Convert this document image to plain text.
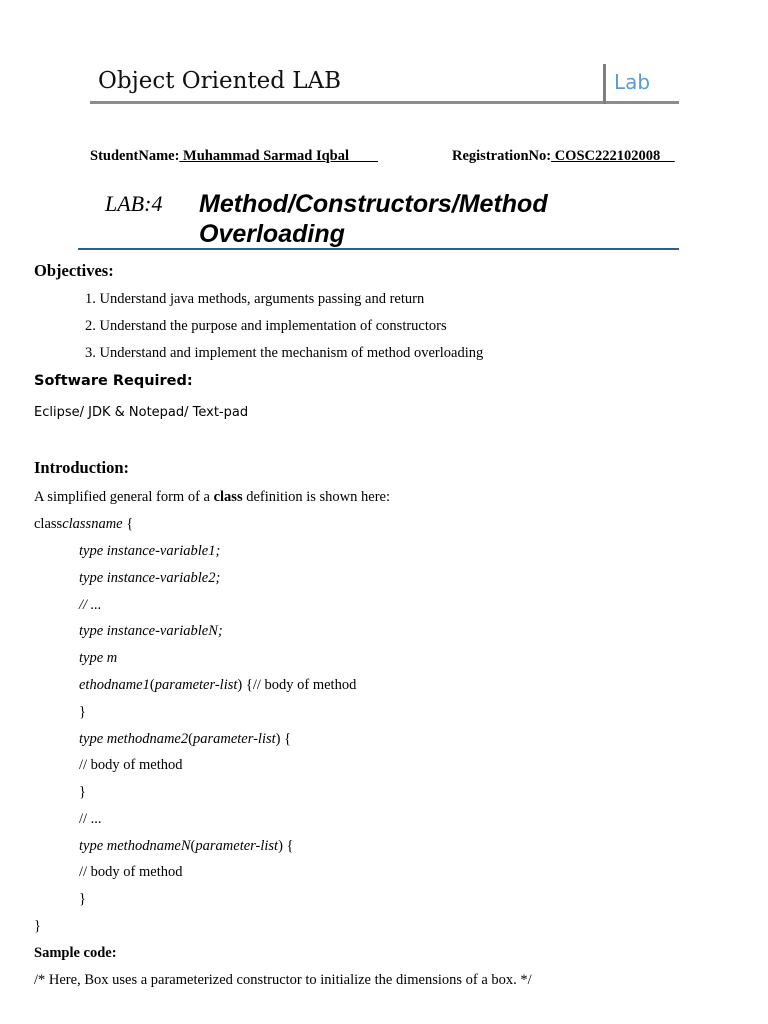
Object Oriented LAB	Lab
StudentName: Muhammad Sarmad Iqbal	RegistrationNo: COSC222102008
LAB:4 Method/Constructors/Method Overloading
Objectives:
1. Understand java methods, arguments passing and return
2. Understand the purpose and implementation of constructors
3. Understand and implement the mechanism of method overloading
Software Required:
Eclipse/ JDK & Notepad/ Text-pad
Introduction:
A simplified general form of a class definition is shown here:
classclassname {
type instance-variable1;
type instance-variable2;
// ...
type instance-variableN;
type m
ethodname1(parameter-list) {// body of method
}
type methodname2(parameter-list) {
// body of method
}
// ...
type methodnameN(parameter-list) {
// body of method
}
}
Sample code:
/* Here, Box uses a parameterized constructor to initialize the dimensions of a box. */
